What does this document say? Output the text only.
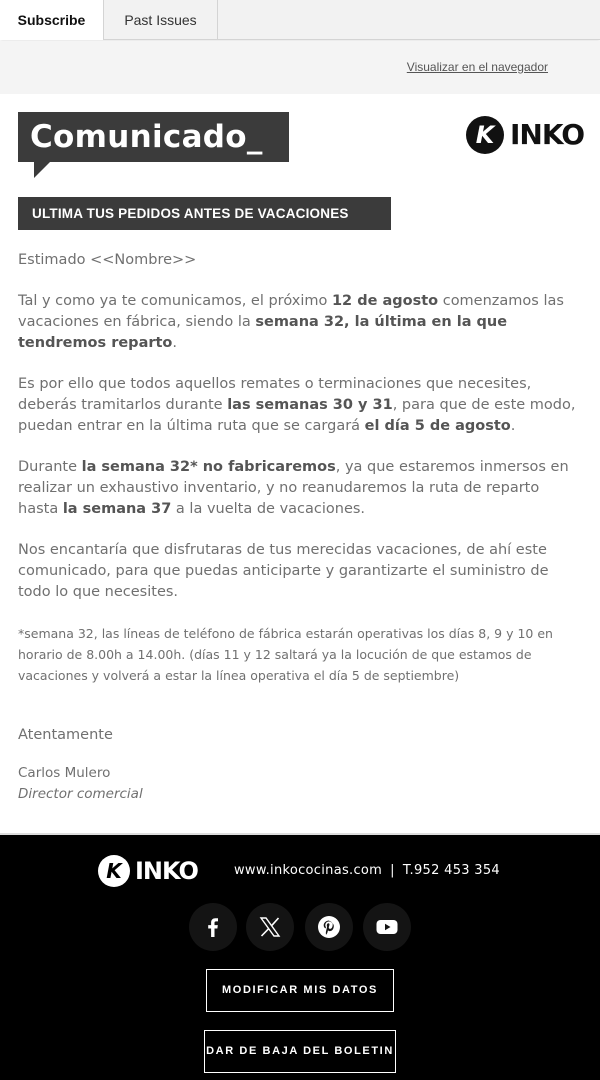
Subscribe	Past Issues
Visualizar en el navegador
Comunicado_	K INKO
ULTIMA TUS PEDIDOS ANTES DE VACACIONES

Estimado <<Nombre>>

Tal y como ya te comunicamos, el próximo 12 de agosto comenzamos las vacaciones en fábrica, siendo la semana 32, la última en la que tendremos reparto.

Es por ello que todos aquellos remates o terminaciones que necesites, deberás tramitarlos durante las semanas 30 y 31, para que de este modo, puedan entrar en la última ruta que se cargará el día 5 de agosto.

Durante la semana 32* no fabricaremos, ya que estaremos inmersos en realizar un exhaustivo inventario, y no reanudaremos la ruta de reparto hasta la semana 37 a la vuelta de vacaciones.

Nos encantaría que disfrutaras de tus merecidas vacaciones, de ahí este comunicado, para que puedas anticiparte y garantizarte el suministro de todo lo que necesites.

*semana 32, las líneas de teléfono de fábrica estarán operativas los días 8, 9 y 10 en horario de 8.00h a 14.00h. (días 11 y 12 saltará ya la locución de que estamos de vacaciones y volverá a estar la línea operativa el día 5 de septiembre)

Atentamente
Carlos Mulero
Director comercial
K INKO	www.inkococinas.com | T.952 453 354
MODIFICAR MIS DATOS
DAR DE BAJA DEL BOLETIN
